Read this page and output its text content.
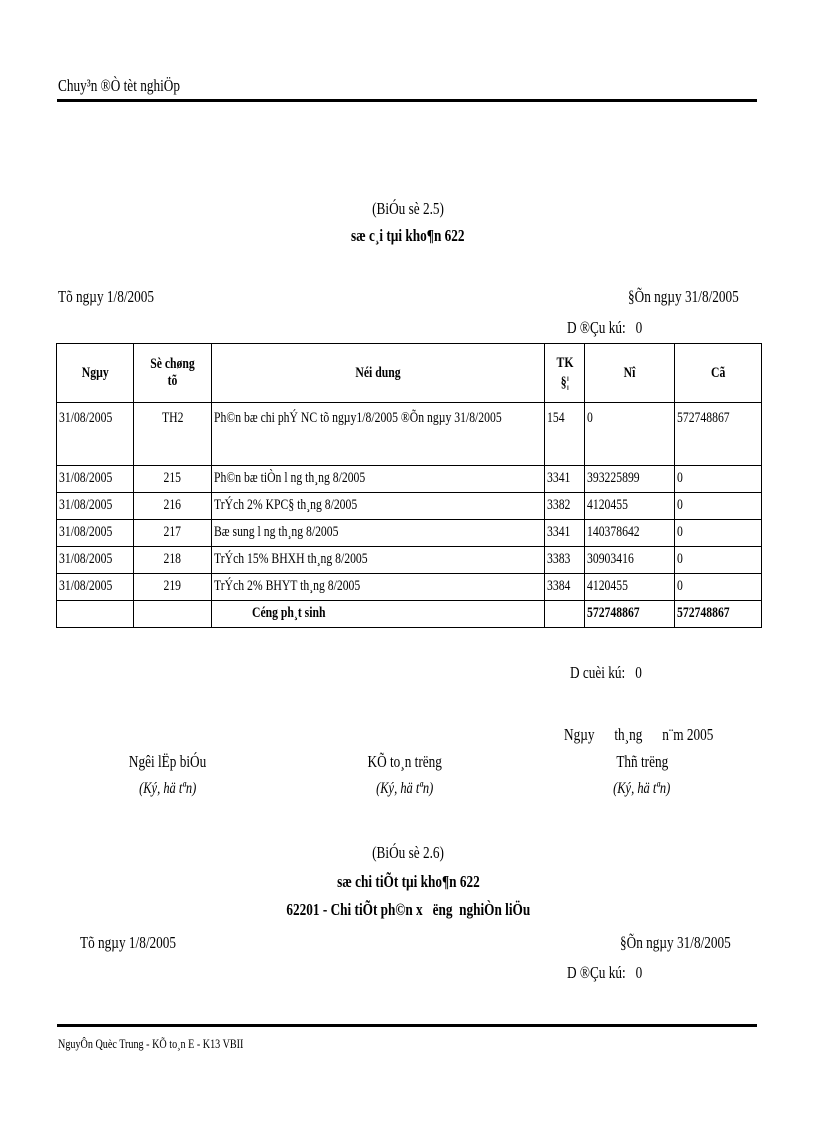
Chuy³n ®Ò tèt nghiÖp
(BiÓu sè 2.5)
sæ c¸i tµi kho¶n 622
Tõ ngµy 1/8/2005	§Õn ngµy 31/8/2005
D ®Çu kú: 0
Ngµy	Sè chøng tõ	Néi dung	TK §¦	Nî	Cã
31/08/2005	TH2	Ph©n bæ chi phÝ NC tõ ngµy1/8/2005 ®Õn ngµy 31/8/2005	154	0	572748867
31/08/2005	215	Ph©n bæ tiÒn l ng th¸ng 8/2005	3341	393225899	0
31/08/2005	216	TrÝch 2% KPC§ th¸ng 8/2005	3382	4120455	0
31/08/2005	217	Bæ sung l ng th¸ng 8/2005	3341	140378642	0
31/08/2005	218	TrÝch 15% BHXH th¸ng 8/2005	3383	30903416	0
31/08/2005	219	TrÝch 2% BHYT th¸ng 8/2005	3384	4120455	0
		Céng ph¸t sinh		572748867	572748867
D cuèi kú: 0
Ngµy      th¸ng      n¨m 2005
Ngêi lËp biÓu
(Ký, hä tªn)
KÕ to¸n trëng
(Ký, hä tªn)
Thñ trëng
(Ký, hä tªn)
(BiÓu sè 2.6)
sæ chi tiÕt tµi kho¶n 622
62201 - Chi tiÕt ph©n x   ëng  nghiÒn liÖu
Tõ ngµy 1/8/2005	§Õn ngµy 31/8/2005
D ®Çu kú: 0
NguyÔn Quèc Trung - KÕ to¸n E - K13 VBII
